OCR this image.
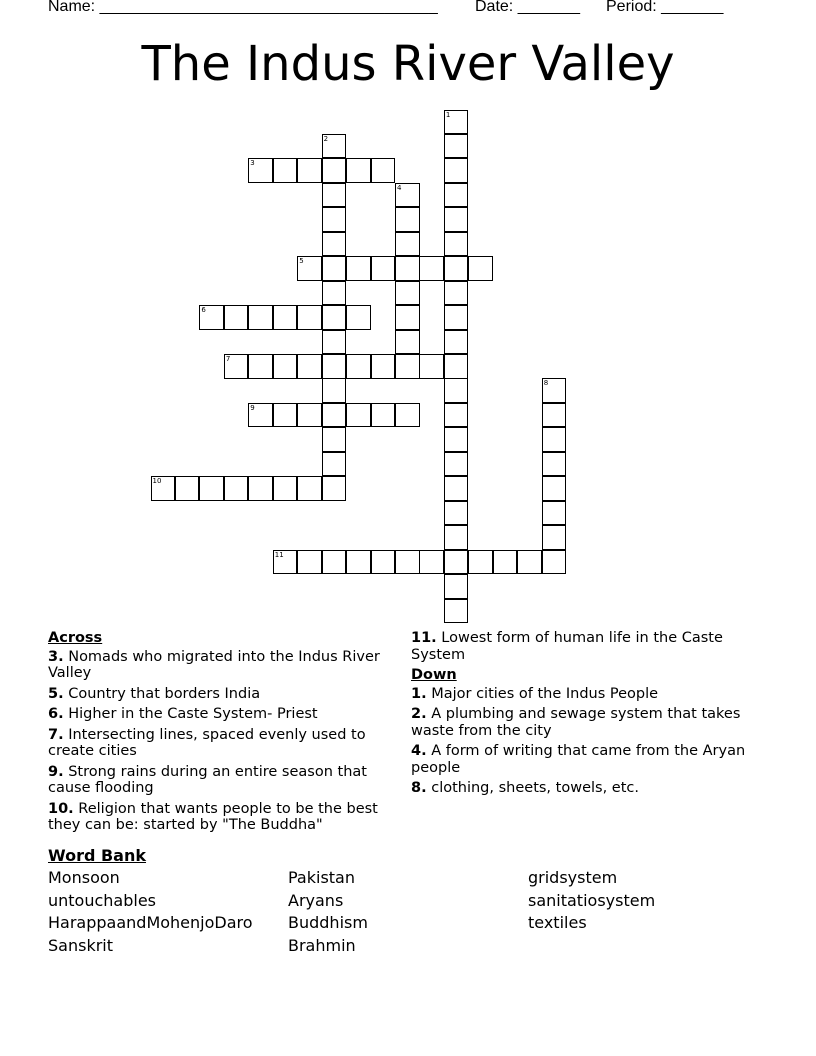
Name: ______________________________________ Date: _______ Period: _______
The Indus River Valley
1
2
3
4
5
6
7
8
9
10
11
Across
3. Nomads who migrated into the Indus River Valley
5. Country that borders India
6. Higher in the Caste System- Priest
7. Intersecting lines, spaced evenly used to create cities
9. Strong rains during an entire season that cause flooding
10. Religion that wants people to be the best they can be: started by "The Buddha"
11. Lowest form of human life in the Caste System
Down
1. Major cities of the Indus People
2. A plumbing and sewage system that takes waste from the city
4. A form of writing that came from the Aryan people
8. clothing, sheets, towels, etc.
Word Bank
Monsoon
untouchables
HarappaandMohenjoDaro
Sanskrit
Pakistan
Aryans
Buddhism
Brahmin
gridsystem
sanitatiosystem
textiles
